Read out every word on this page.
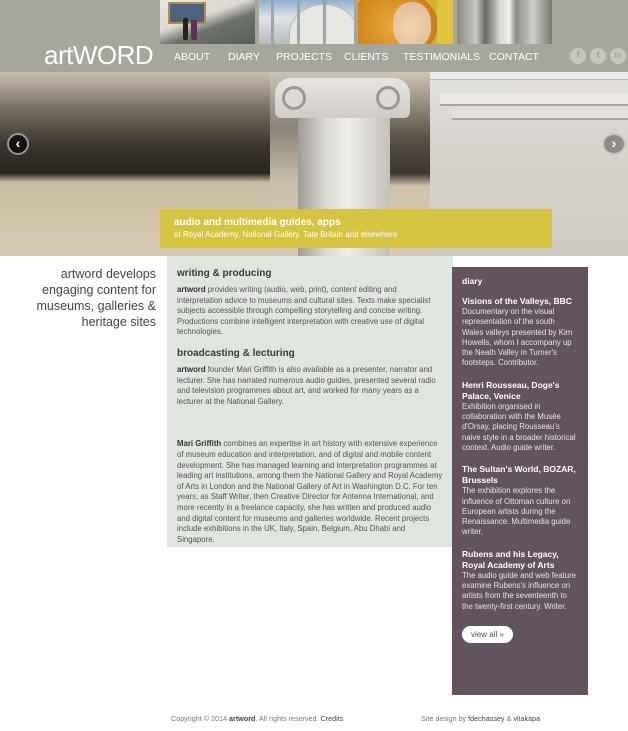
artWORD ABOUT DIARY PROJECTS CLIENTS TESTIMONIALS CONTACT	f	t	in
‹	›
audio and multimedia guides, apps
at Royal Academy, National Gallery, Tate Britain and elsewhere
artword develops engaging content for museums, galleries & heritage sites
writing & producing

artword provides writing (audio, web, print), content editing and interpretation advice to museums and cultural sites. Texts make specialist subjects accessible through compelling storytelling and concise writing. Productions combine intelligent interpretation with creative use of digital technologies.

broadcasting & lecturing

artword founder Mari Griffith is also available as a presenter, narrator and lecturer. She has narrated numerous audio guides, presented several radio and television programmes about art, and worked for many years as a lecturer at the National Gallery.

Mari Griffith combines an expertise in art history with extensive experience of museum education and interpretation, and of digital and mobile content development. She has managed learning and interpretation programmes at leading art institutions, among them the National Gallery and Royal Academy of Arts in London and the National Gallery of Art in Washington D.C. For ten years, as Staff Writer, then Creative Director for Antenna International, and more recently in a freelance capacity, she has written and produced audio and digital content for museums and galleries worldwide. Recent projects include exhibitions in the UK, Italy, Spain, Belgium, Abu Dhabi and Singapore.

diary
Visions of the Valleys, BBC
Documentary on the visual representation of the south Wales valleys presented by Kim Howells, whom I accompany up the Neath Valley in Turner's footsteps. Contributor.
Henri Rousseau, Doge's Palace, Venice
Exhibition organised in collaboration with the Musée d'Orsay, placing Rousseau's naive style in a broader historical context. Audio guide writer.
The Sultan's World, BOZAR, Brussels
The exhibition explores the influence of Ottoman culture on European artists during the Renaissance. Multimedia guide writer.
Rubens and his Legacy, Royal Academy of Arts
The audio guide and web feature examine Rubens's influence on artists from the seventeenth to the twenty-first century. Writer.
view all »
Copyright © 2014 artword. All rights reserved. Credits	Site design by fdechassey & vitakapa
